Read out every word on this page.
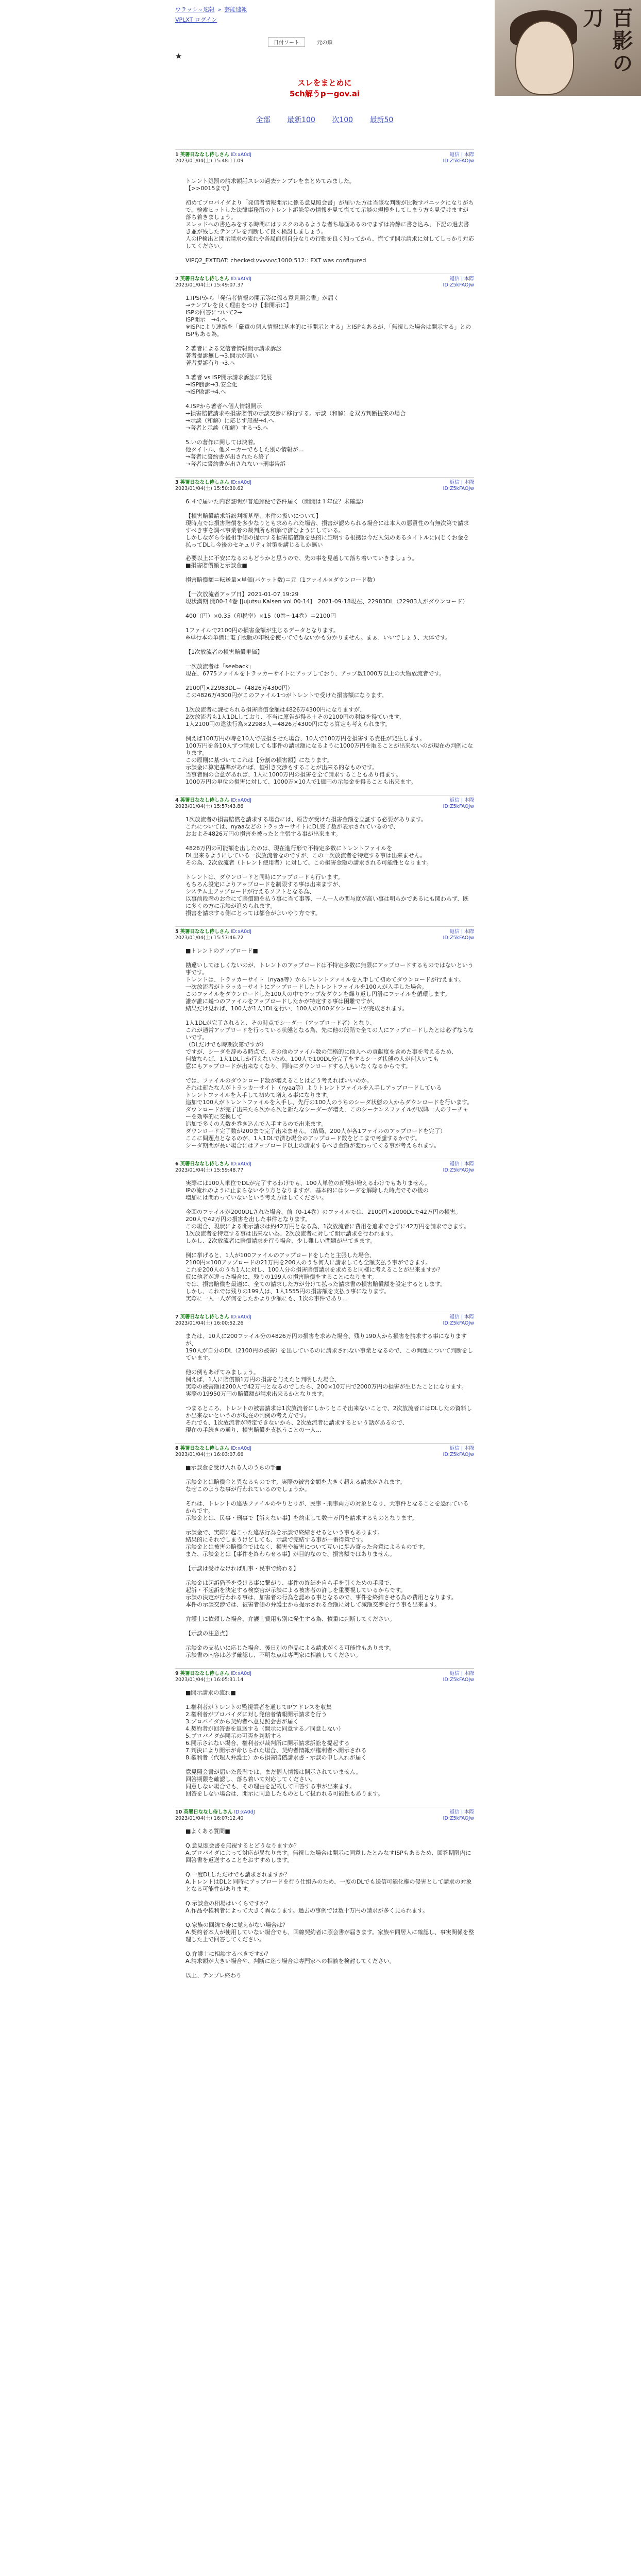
ウラッシュ速報 » 芸能速報
VPLXT ログイン
日付ソート	元の順
★	百影の刀
スレをまとめに
5ch解うp－gov.ai
全部 最新100 次100 最新50
1 英署日ななし侍しさん ID:xA0dJ
2023/01/04(土) 15:48:11.09
返信 | 本際
ID:Z5kFAOJw

トレント処罰の請求額話スレの過去テンプレをまとめてみました。
【>>0015まで】

初めてプロバイダより「発信者情報開示に係る意見照会書」が届いた方は当該な判断が比較すパニックになりがちで、検索ヒットした法律事務所のトレント訴訟等の情報を見て慌てて示談の規模をしてしまう方も見受けますが落ち着きましょう。
スレッドへの書込みをする時間にはリスクのあるような者ち場面あるのでまずは冷静に書き込み、下記の過去書き並が残したテンプレを判断して良く検討しましょう。
人のIP検出と開示請求の流れや各局面別自分なりの行動を良く知ってから、慌てず開示請求に対してしっかり対応してください。

VIPQ2_EXTDAT: checked:vvvvvv:1000:512:: EXT was configured
2 英署日ななし侍しさん ID:xA0dJ
2023/01/04(土) 15:49:07.37
返信 | 本際
ID:Z5kFAOJw
1.IPSPから「発信者情報の開示等に係る意見照会書」が届く
→テンプレを良く理由をつけ【非開示に】
ISPの回答について2→
ISP開示　→4.へ
※ISPにより連絡を「厳重の個人情報は基本的に非開示とする」とISPもあるが、「無視した場合は開示する」とのISPもある為。

2.著者による発信者情報開示請求訴訟
著者提訴無し→3.開示が無い
著者提訴有り→3.へ

3.著者 vs ISP開示請求訴訟に発展
→ISP勝訴→3.安全化
→ISP敗訴→4.へ

4.ISPから著者へ個人情報開示
→損害賠償請求や損害賠償の示談交渉に移行する。示談（和解）を双方判断提案の場合
→示談（和解）に応じず無視→4.へ
→著者と示談（和解）する→5.へ

5.いの著作に関しては決着。
他タイトル、他メーカーでもした別の情報が…
→著者に誓約書が出されたら終了
→著者に誓約書が出されない→刑事告訴
3 英署日ななし侍しさん ID:xA0dJ
2023/01/04(土) 15:50:30.62
返信 | 本際
ID:Z5kFAOJw
6.４で届いた内容証明が普通郵便で各件届く（開開は１年位？未確認）

【損害賠償請求訴訟判断基準、本件の扱いについて】
現時点では損害賠償を多少なりとも求められた場合、損害が認められる場合には本人の悪質性の有無次第で請求すべき事を調べ事業者の裁判所も和解で済むようにしている。
しかしながら今後相手側の提示する損害賠償額を法的に証明する根拠は今だ人気のあるタイトルに同じくお金を払ってDLし今後のセキュリティ対策を講じるしか無い
必要以上に不安になるのもどうかと思うので、先の事を見越して落ち着いていきましょう。
■損害賠償額と示談金■

損害賠償額＝転送量×単価(パケット数)＝元（1ファイル×ダウンロード数）

【一次放流者アップ日】2021-01-07 19:29
現状満期 開00-14巻 [Jujutsu Kaisen vol 00-14]　2021-09-18現在、22983DL（22983人がダウンロード）

400（円）×0.35（印税率）×15（0巻〜14巻）＝2100円

1ファイルで2100円の損害金額が生じるデータとなります。
※単行本の単価に電子版版の印税を使ってでもないかも分かりません。まぁ、いいでしょう、大体です。

【1次放流者の損害賠償単価】

一次放流者は「seeback」
現在、6775ファイルをトラッカーサイトにアップしており、アップ数1000万以上の大物放流者です。

2100円×22983DL＝（4826万4300円）
この4826万4300円がこのファイル1つがトレントで受けた損害額になります。

1次放流者に課せられる損害賠償金額は4826万4300円になりますが、
2次放流者も1人1DLしており、不当に原告が得る＋その2100円の利益を得ています、
1人2100円の違法行為×22983人＝4826万4300円になる算定も考えられます。

例えば100万円の時を10人で破損させた場合、10人で100万円を損害する責任が発生します。
100万円を各10人ずつ請求しても事件の請求額になるように1000万円を取ることが出来ないのが現在の判例になります。
この原則に基づいてこれは【分割の損害額】になります。
示談金に算定基準があれば、値引き交渉もすることが出来る的なものです。
当事者間の合意があれば、1人に1000万円の損害を全て請求することもあり得ます。
1000万円の単位の損害に対して、1000万×10人で1億円の示談金を得ることも出来ます。
4 英署日ななし侍しさん ID:xA0dJ
2023/01/04(土) 15:57:43.86
返信 | 本際
ID:Z5kFAOJw
1次放流者の損害賠償を請求する場合には、原告が受けた損害金額を立証する必要があります。
これについては、nyaaなどのトラッカーサイトにDL完了数が表示されているので、
おおよそ4826万円の損害を被ったと主張する事が出来ます。

4826万円の可能額を出したのは、現在進行形で不特定多数にトレントファイルを
DL出来るようにしている一次放流者なのですが、この一次放流者を特定する事は出来ません。
その為、2次放流者（トレント使用者）に対して、この損害金額の請求される可能性となります。

トレントは、ダウンロードと同時にアップロードも行います。
もちろん設定によりアップロードを制限する事は出来ますが、
システム上アップロードが行えるソフトとなる為、
以事前段階のお金にて賠償額を払う事に当て事等、一人一人の関与度が高い事は明らかであるにも関わらず、既に多くの方に示談が進められます。
損害を請求する側にとっては都合がよいやり方です。
5 英署日ななし侍しさん ID:xA0dJ
2023/01/04(土) 15:57:46.72
返信 | 本際
ID:Z5kFAOJw
■トレントのアップロード■

勘違いしてほしくないのが、トレントのアップロードは不特定多数に無限にアップロードするものではないという事です。
トレントは、トラッカーサイト（nyaa等）からトレントファイルを入手して初めてダウンロードが行えます。
一次放流者がトラッカーサイトにアップロードしたトレントファイルを100人が入手した場合。
このファイルをダウンロードした100人の中でアップ＆ダウンを繰り返し円滑にファイルを循環します。
誰が誰に幾つのファイルをアップロードしたかが特定する事は困難ですが、
結果だけ見れば、100人が1人1DLを行い、100人の100ダウンロードが完成されます。

1人1DLが完了されると、その時点でシーダー（アップロード者）となり、
これが通常アップロードを行っている状態となる為、先に他の段階で全ての人にアップロードしたとは必ずならないです。
（DLだけでも時期次第ですが）
ですが、シーダを辞める時点で、その他のファイル数の価格的に他人への貢献度を含めた事を考えるため、
何故ならば、1人1DLしか行えないため、100人で100DL分完了をするシーダ状態の人が何人いても
意にもアップロードが出来なくなり、同時にダウンロードする人もいなくなるからです。

では、ファイルのダウンロード数が増えることはどう考えればいいのか。
それは新たな人がトラッカーサイト（nyaa等）よりトレントファイルを入手しアップロードしている
トレントファイルを入手して初めて増える事になります。
追加で100人がトレントファイルを入手し、先行の100人のうちのシーダ状態の人からダウンロードを行います。
ダウンロードが完了出来たら次から次と新たなシーダーが増え、このシーケンスファイルが以降一人のリーチャーを効率的に交換して
追加で多くの人数を巻き込んで入手するので出来ます。
ダウンロード完了数が200まで完了出来ません。（結局、200人が各1ファイルのアップロードを完了）
ここに問題点となるのが、1人1DLで済む場合のアップロード数をどこまで考慮するかです。
シーダ期間が長い場合にはアップロード以上の請求するべき金額が変わってくる事が考えられます。
6 英署日ななし侍しさん ID:xA0dJ
2023/01/04(土) 15:59:48.77
返信 | 本際
ID:Z5kFAOJw
実際には100人単位でDLが完了するわけでも、100人単位の新規が増えるわけでもありません。
IPの流れのように止まらないやり方となりますが、基本的にはシーダを解除した時点でその後の
増加には関わっていないという考え方はしてください。

今回のファイルが2000DLされた場合、前（0-14巻）のファイルでは、2100円×2000DLで42万円の損害。
200人で42万円の損害を出した事件となります。
この場合、現状による開示請求は約42万円となる為、1次放流者に費用を追求できずに42万円を請求できます。
1次放流者を特定する事は出来ない為、2次放流者に対して開示請求を行われます。
しかし、2次放流者に賠償請求を行う場合、少し難しい問題が出てきます。

例に挙げると、1人が100ファイルのアップロードをしたと主張した場合、
2100円×100アップロードの21万円を200人のうち何人に請求しても全額支払う事ができます。
これを200人のうち1人に対し、100人分の損害賠償請求を求めると同様に考えることが出来ますか？
仮に他者が違った場合に、残りの199人の損害賠償をすることになります。
では、損害賠償を最適に、全ての請求した方が分けて払った請求書の損害賠償額を設定するとします。
しかし、これでは残りの199人は、1人1555円の損害額を支払う事になります。
実際に一人一人が何をしたかより少額にも、1次の事件であり…
7 英署日ななし侍しさん ID:xA0dJ
2023/01/04(土) 16:00:52.26
返信 | 本際
ID:Z5kFAOJw
または、10人に200ファイル分の4826万円の損害を求めた場合、残り190人から損害を請求する事になりますが、
190人が自分のDL（2100円の被害）を出しているのに請求されない事業となるので、この問題について判断をしています。

他の例もあげてみましょう。
例えば、1人に賠償額1万円の損害を与えたと判明した場合、
実際の被害額は200人で42万円となるのでしたら、200×10万円で2000万円の損害が生じたことになります。
実際の19950万円の賠償額が請求出来るかとなります。

つまるところ、トレントの被害請求は1次放流者にしかりとこそ出来ないことで、2次放流者にはDLしたの資料しか出来ないというのが現在の判例の考え方です。
それでも、1次放流者が特定できないから、2次放流者に請求するという話があるので、
現在の手続きの通り、損害賠償を支払うことの一人…
8 英署日ななし侍しさん ID:xA0dJ
2023/01/04(土) 16:03:07.66
返信 | 本際
ID:Z5kFAOJw
■示談金を受け入れる人のうちの手■

示談金とは賠償金と異なるものです。実際の被害金額を大きく超える請求がされます。
なぜこのような事が行われているのでしょうか。

それは、トレントの違法ファイルのやりとりが、民事・刑事両方の対象となり、大事件となることを恐れているからです。
示談金とは、民事・刑事で【訴えない事】を約束して数十万円を請求するものとなります。

示談金で、実際に起こった違法行為を示談で終結させるという事もあります。
結果的にそれでしまうけどしても、示談で完結する事が一番得策です。
示談金とは被害の賠償金ではなく、損害や被害について互いに歩み寄った合意によるものです。
また、示談金とは【事件を終わらせる事】が目的なので、損害額ではありません。

【示談は受けなければ刑事・民事で終わる】

示談金は起訴猶予を受ける事に繋がり、事件の終結を自ら手を引くための手段で、
起訴・不起訴を決定する検察官が示談による被害者の許しを重要視しているからです。
示談の決定が行われる事は、加害者の行為を認める事となるので、事件を終結させる為の費用となります。
本件の示談交渉では、被害者側の弁護士から提示される金額に対して減額交渉を行う事も出来ます。

弁護士に依頼した場合、弁護士費用も別に発生する為、慎重に判断してください。

【示談の注意点】

示談金の支払いに応じた場合、後日別の作品による請求がくる可能性もあります。
示談書の内容は必ず確認し、不明な点は専門家に相談してください。
9 英署日ななし侍しさん ID:xA0dJ
2023/01/04(土) 16:05:31.14
返信 | 本際
ID:Z5kFAOJw
■開示請求の流れ■

1.権利者がトレントの監視業者を通じてIPアドレスを収集
2.権利者がプロバイダに対し発信者情報開示請求を行う
3.プロバイダから契約者へ意見照会書が届く
4.契約者が回答書を返送する（開示に同意する／同意しない）
5.プロバイダが開示の可否を判断する
6.開示されない場合、権利者が裁判所に開示請求訴訟を提起する
7.判決により開示が命じられた場合、契約者情報が権利者へ開示される
8.権利者（代理人弁護士）から損害賠償請求書・示談の申し入れが届く

意見照会書が届いた段階では、まだ個人情報は開示されていません。
回答期限を確認し、落ち着いて対応してください。
同意しない場合でも、その理由を記載して回答する事が出来ます。
回答をしない場合は、開示に同意したものとして扱われる可能性もあります。
10 英署日ななし侍しさん ID:xA0dJ
2023/01/04(土) 16:07:12.40
返信 | 本際
ID:Z5kFAOJw
■よくある質問■

Q.意見照会書を無視するとどうなりますか？
A.プロバイダによって対応が異なります。無視した場合は開示に同意したとみなすISPもあるため、回答期限内に回答書を返送することをおすすめします。

Q.一度DLしただけでも請求されますか？
A.トレントはDLと同時にアップロードを行う仕組みのため、一度のDLでも送信可能化権の侵害として請求の対象となる可能性があります。

Q.示談金の相場はいくらですか？
A.作品や権利者によって大きく異なります。過去の事例では数十万円の請求が多く見られます。

Q.家族の回線で身に覚えがない場合は？
A.契約者本人が使用していない場合でも、回線契約者に照会書が届きます。家族や同居人に確認し、事実関係を整理した上で回答してください。

Q.弁護士に相談するべきですか？
A.請求額が大きい場合や、判断に迷う場合は専門家への相談を検討してください。

以上、テンプレ終わり
